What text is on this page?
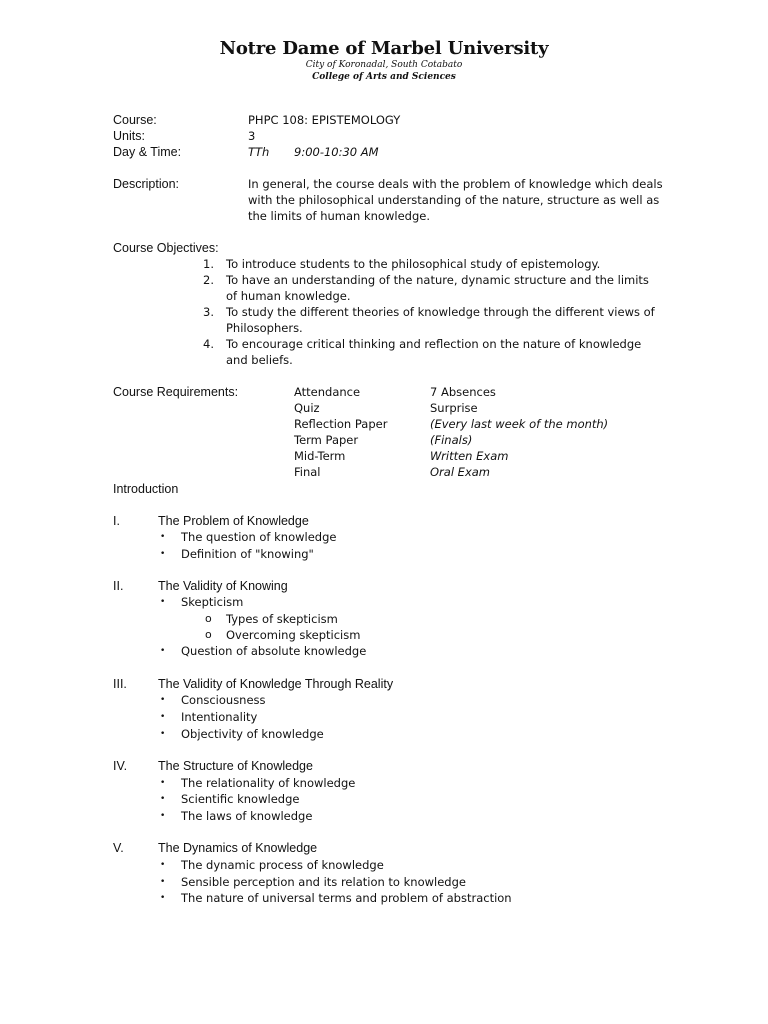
Notre Dame of Marbel University
City of Koronadal, South Cotabato
College of Arts and Sciences
Course:	PHPC 108: EPISTEMOLOGY
Units:	3
Day & Time:	TTh 9:00-10:30 AM
Description:	In general, the course deals with the problem of knowledge which deals with the philosophical understanding of the nature, structure as well as the limits of human knowledge.
Course Objectives:
1. To introduce students to the philosophical study of epistemology.
2. To have an understanding of the nature, dynamic structure and the limits of human knowledge.
3. To study the different theories of knowledge through the different views of Philosophers.
4. To encourage critical thinking and reflection on the nature of knowledge and beliefs.
Course Requirements:	Attendance	7 Absences
Quiz	Surprise
Reflection Paper	(Every last week of the month)
Term Paper	(Finals)
Mid-Term	Written Exam
Final	Oral Exam
Introduction
I.	The Problem of Knowledge
• The question of knowledge
• Definition of "knowing"
II.	The Validity of Knowing
• Skepticism
o Types of skepticism
o Overcoming skepticism
• Question of absolute knowledge
III. The Validity of Knowledge Through Reality
• Consciousness
• Intentionality
• Objectivity of knowledge
IV. The Structure of Knowledge
• The relationality of knowledge
• Scientific knowledge
• The laws of knowledge
V.	The Dynamics of Knowledge
• The dynamic process of knowledge
• Sensible perception and its relation to knowledge
• The nature of universal terms and problem of abstraction
